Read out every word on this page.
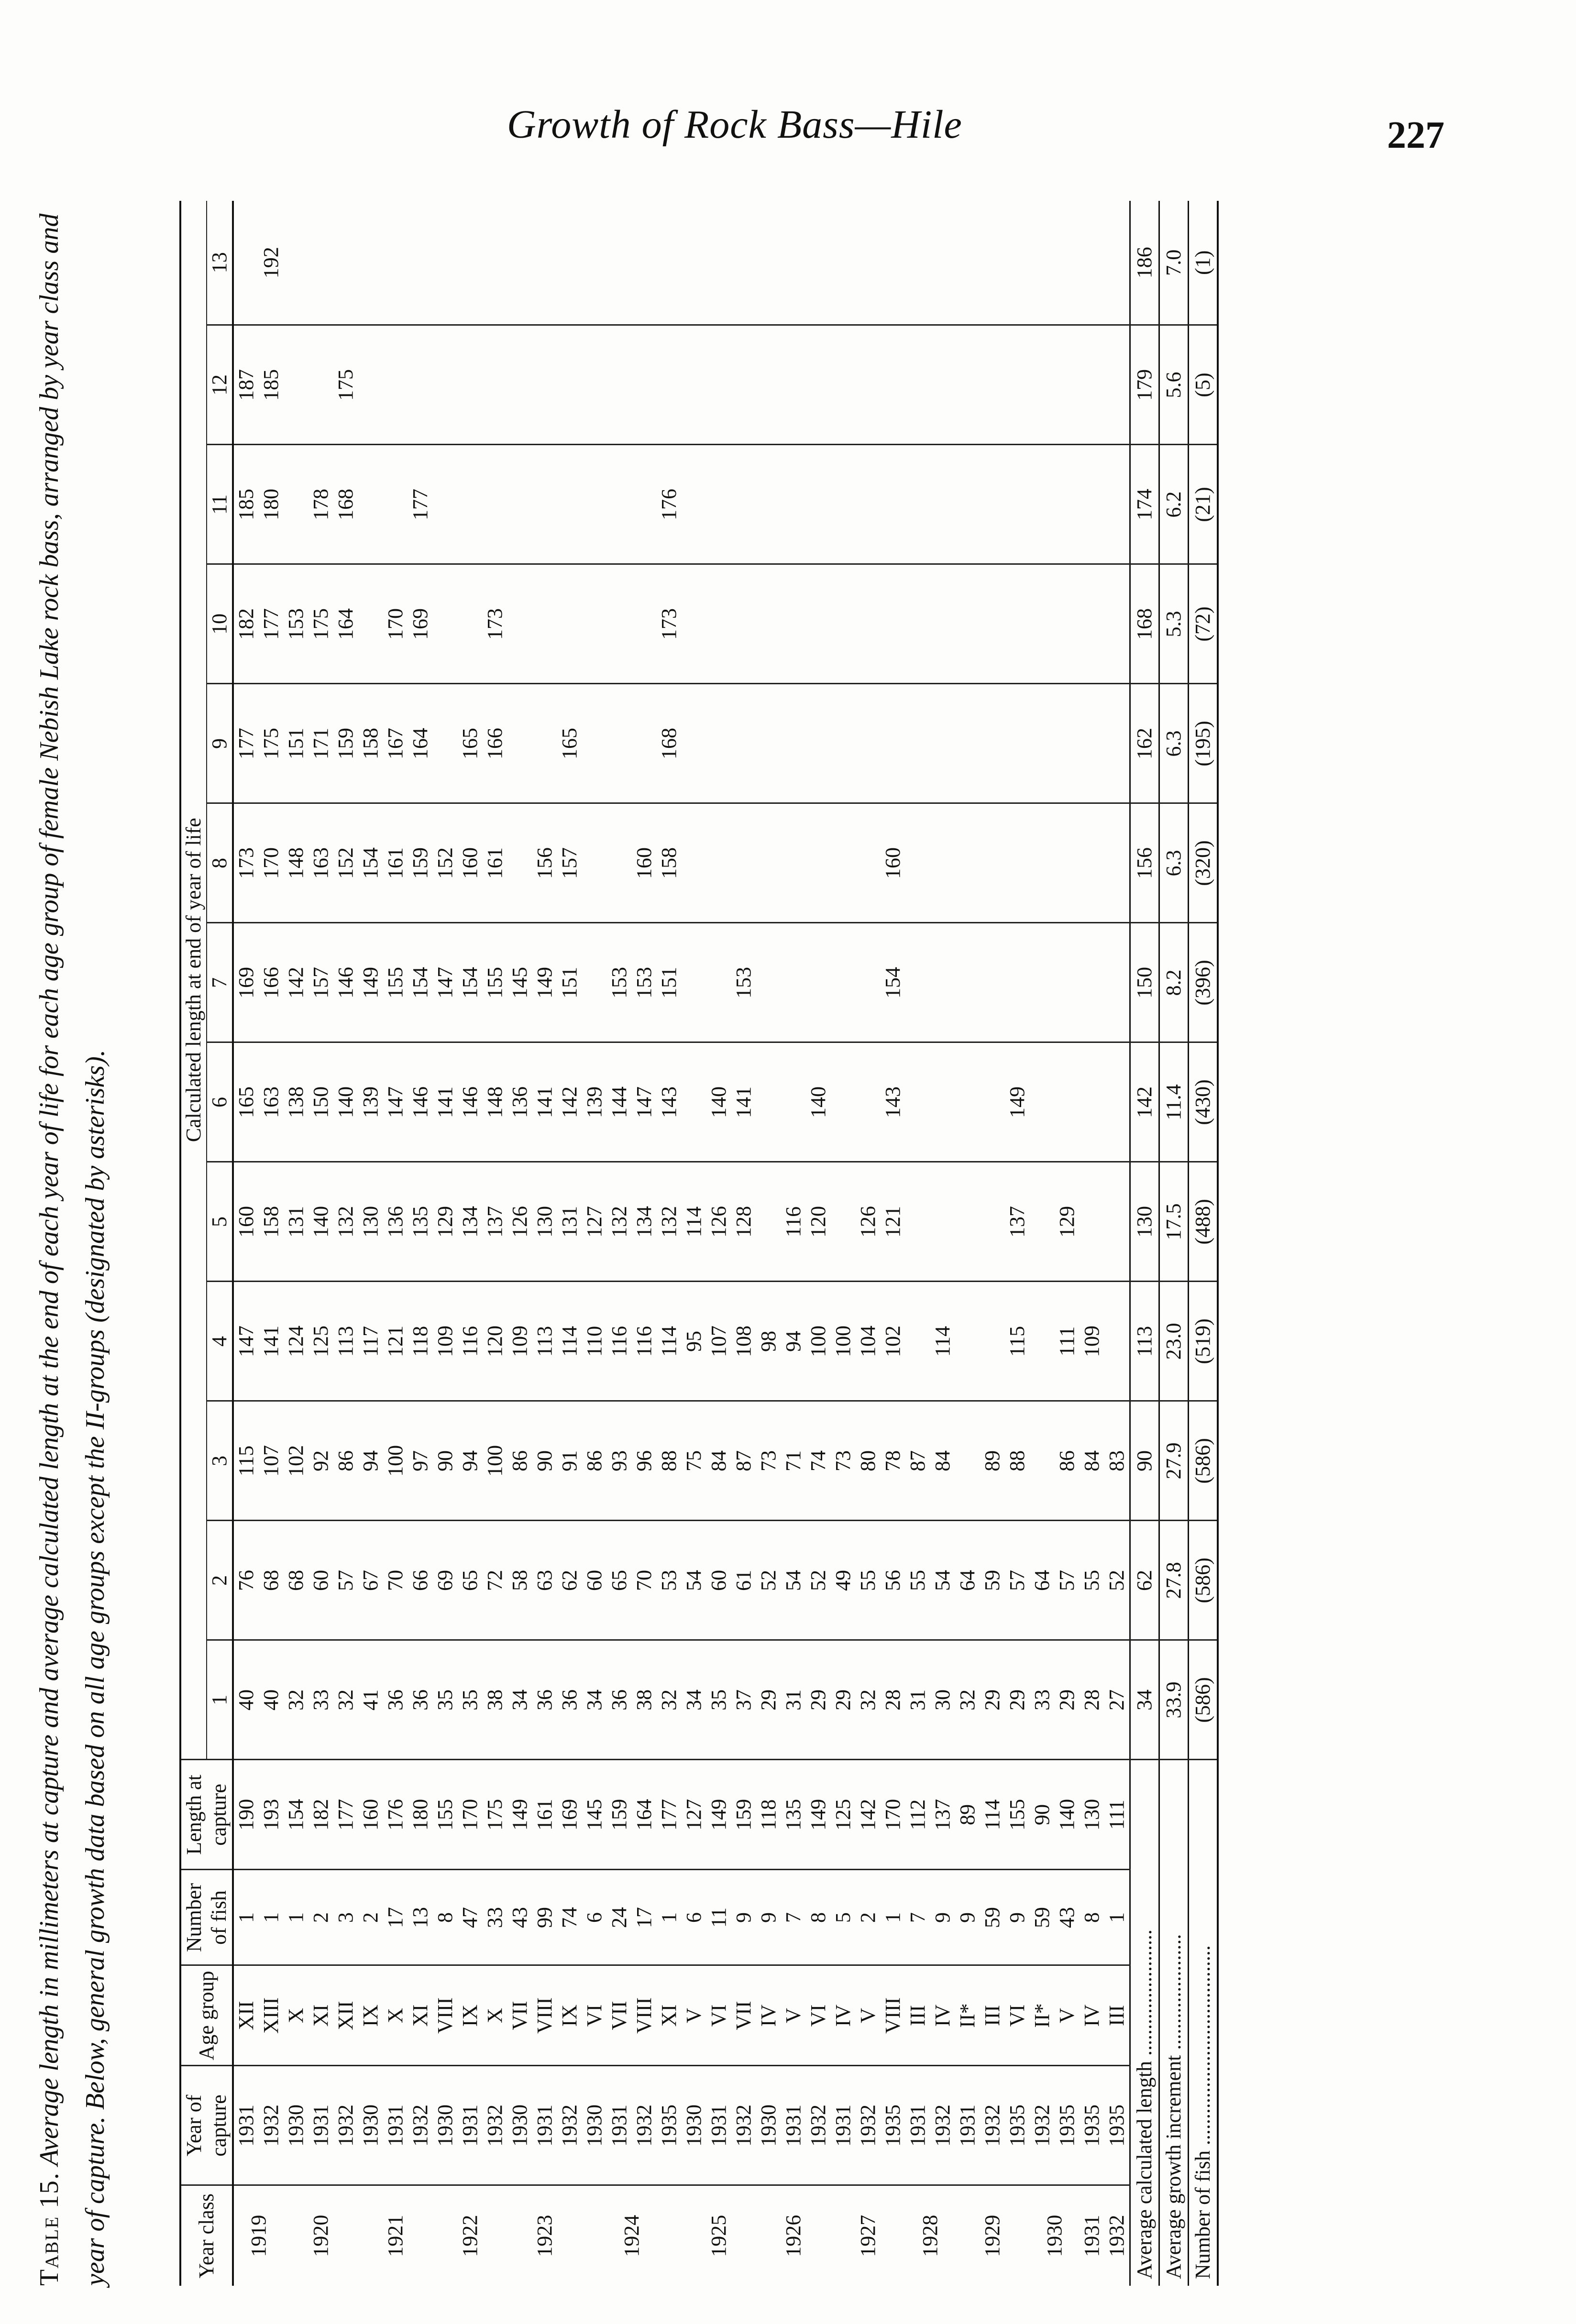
Growth of Rock Bass—Hile	227
Table 15. Average length in millimeters at capture and average calculated length at the end of each year of life for each age group of female Nebish Lake rock bass, arranged by year class and year of capture. Below, general growth data based on all age groups except the II-groups (designated by asterisks).	Year class	Year of capture	Age group	Number of fish	Length at capture	Calculated length at end of year of life												
					1	2	3	4	5	6	7	8	9	10	11	12	13
1919	1931	XII	1	190	40	76	115	147	160	165	169	173	177	182	185	187	
	1932	XIII	1	193	40	68	107	141	158	163	166	170	175	177	180	185	192
1920	1930	X	1	154	32	68	102	124	131	138	142	148	151	153			
	1931	XI	2	182	33	60	92	125	140	150	157	163	171	175	178		
	1932	XII	3	177	32	57	86	113	132	140	146	152	159	164	168	175	
1921	1930	IX	2	160	41	67	94	117	130	139	149	154	158				
	1931	X	17	176	36	70	100	121	136	147	155	161	167	170			
	1932	XI	13	180	36	66	97	118	135	146	154	159	164	169	177		
1922	1930	VIII	8	155	35	69	90	109	129	141	147	152					
	1931	IX	47	170	35	65	94	116	134	146	154	160	165				
	1932	X	33	175	38	72	100	120	137	148	155	161	166	173			
1923	1930	VII	43	149	34	58	86	109	126	136	145						
	1931	VIII	99	161	36	63	90	113	130	141	149	156					
	1932	IX	74	169	36	62	91	114	131	142	151	157	165				
1924	1930	VI	6	145	34	60	86	110	127	139							
	1931	VII	24	159	36	65	93	116	132	144	153						
	1932	VIII	17	164	38	70	96	116	134	147	153	160					
	1935	XI	1	177	32	53	88	114	132	143	151	158	168	173	176		
1925	1930	V	6	127	34	54	75	95	114								
	1931	VI	11	149	35	60	84	107	126	140							
	1932	VII	9	159	37	61	87	108	128	141	153						
1926	1930	IV	9	118	29	52	73	98									
	1931	V	7	135	31	54	71	94	116								
	1932	VI	8	149	29	52	74	100	120	140							
1927	1931	IV	5	125	29	49	73	100									
	1932	V	2	142	32	55	80	104	126								
	1935	VIII	1	170	28	56	78	102	121	143	154	160					
1928	1931	III	7	112	31	55	87										
	1932	IV	9	137	30	54	84	114									
1929	1931	II*	9	89	32	64											
	1932	III	59	114	29	59	89										
	1935	VI	9	155	29	57	88	115	137	149							
1930	1932	II*	59	90	33	64											
	1935	V	43	140	29	57	86	111	129								
1931	1935	IV	8	130	28	55	84	109									
1932	1935	III	1	111	27	52	83										
Average calculated length ........................					34	62	90	113	130	142	150	156	162	168	174	179	186
Average growth increment ......................					33.9	27.8	27.9	23.0	17.5	11.4	8.2	6.3	6.3	5.3	6.2	5.6	7.0
Number of fish ......................................					(586)	(586)	(586)	(519)	(488)	(430)	(396)	(320)	(195)	(72)	(21)	(5)	(1)
